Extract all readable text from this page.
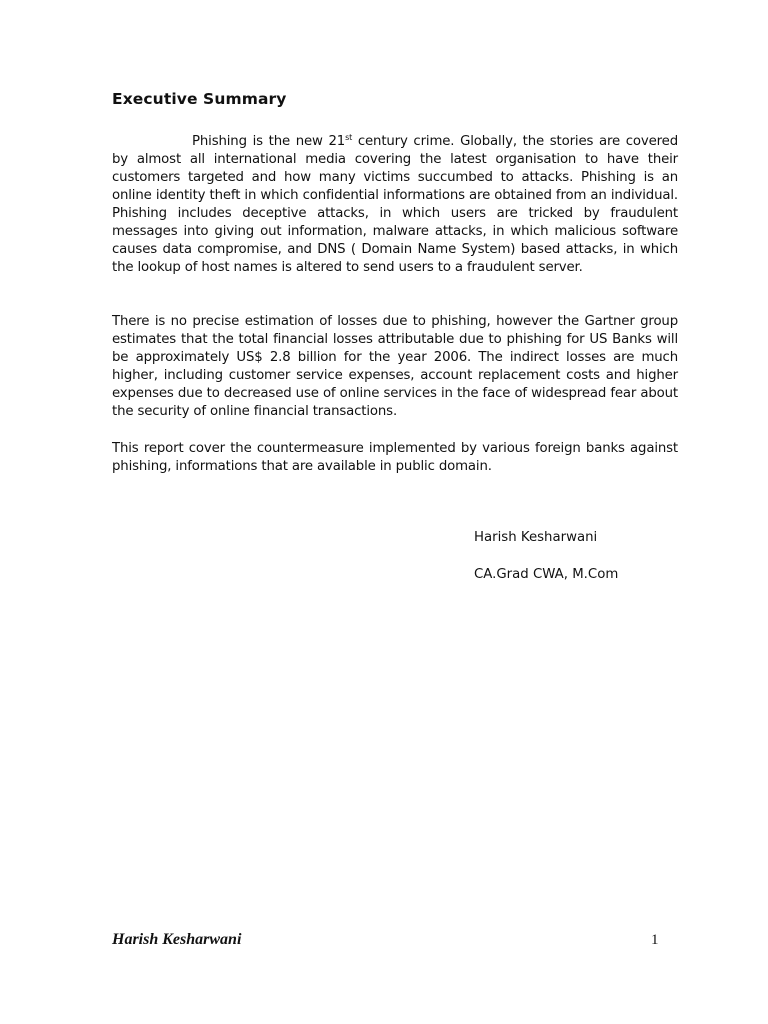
Executive Summary

Phishing is the new 21st century crime. Globally, the stories are covered by almost all international media covering the latest organisation to have their customers targeted and how many victims succumbed to attacks. Phishing is an online identity theft in which confidential informations are obtained from an individual. Phishing includes deceptive attacks, in which users are tricked by fraudulent messages into giving out information, malware attacks, in which malicious software causes data compromise, and DNS ( Domain Name System) based attacks, in which the lookup of host names is altered to send users to a fraudulent server.

There is no precise estimation of losses due to phishing, however the Gartner group estimates that the total financial losses attributable due to phishing for US Banks will be approximately US$ 2.8 billion for the year 2006. The indirect losses are much higher, including customer service expenses, account replacement costs and higher expenses due to decreased use of online services in the face of widespread fear about the security of online financial transactions.

This report cover the countermeasure implemented by various foreign banks against phishing, informations that are available in public domain.

Harish Kesharwani

CA.Grad CWA, M.Com

Harish Kesharwani	1
